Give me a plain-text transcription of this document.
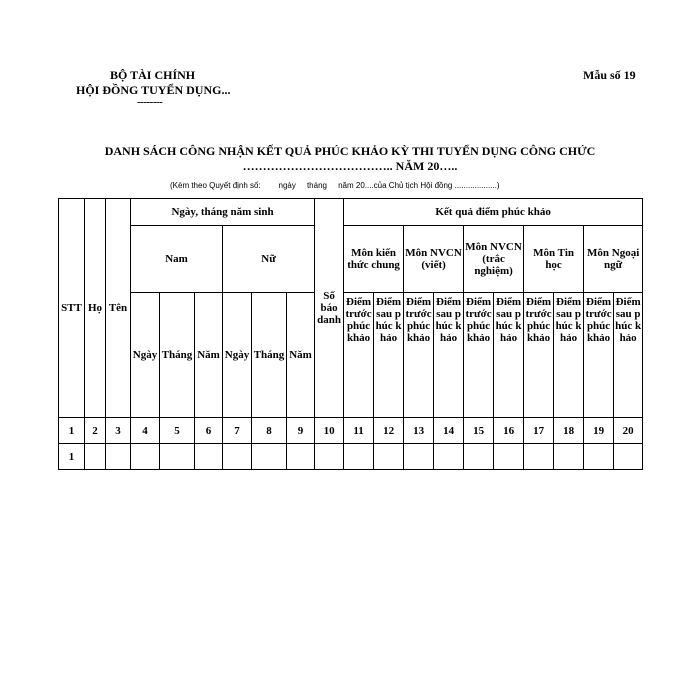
BỘ TÀI CHÍNH
HỘI ĐỒNG TUYỂN DỤNG...
--------
Mẫu số 19
DANH SÁCH CÔNG NHẬN KẾT QUẢ PHÚC KHẢO KỲ THI TUYỂN DỤNG CÔNG CHỨC
……………………………….. NĂM 20…..
(Kèm theo Quyết định số:        ngày     tháng     năm 20....của Chủ tịch Hội đồng ...................)
STT	Họ	Tên	Ngày, tháng năm sinh						Số báo danh	Kết quả điểm phúc khảo									
			Nam			Nữ				Môn kiến thức chung		Môn NVCN (viết)		Môn NVCN (trắc nghiệm)		Môn Tin học		Môn Ngoại ngữ	
			Ngày	Tháng	Năm	Ngày	Tháng	Năm		Điểm trước phúc khảo	Điểm sau phúc khảo	Điểm trước phúc khảo	Điểm sau phúc khảo	Điểm trước phúc khảo	Điểm sau phúc khảo	Điểm trước phúc khảo	Điểm sau phúc khảo	Điểm trước phúc khảo	Điểm sau phúc khảo
1	2	3	4	5	6	7	8	9	10	11	12	13	14	15	16	17	18	19	20
1																			
